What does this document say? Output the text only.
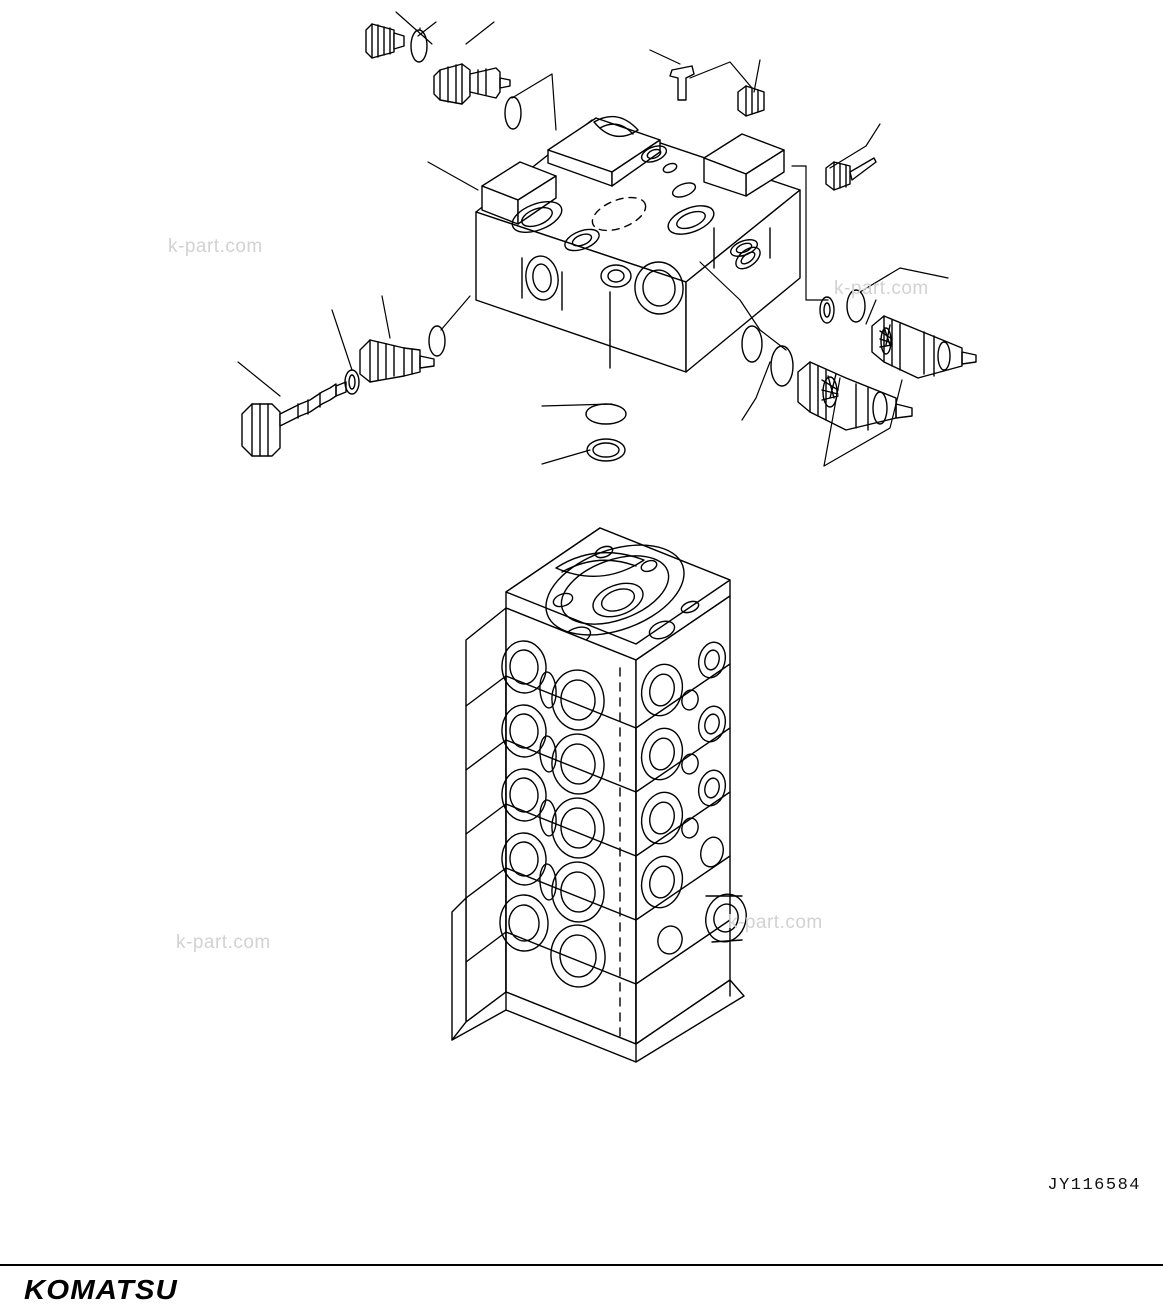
k-part.com
k-part.com
k-part.com
k-part.com
JY116584
KOMATSU
